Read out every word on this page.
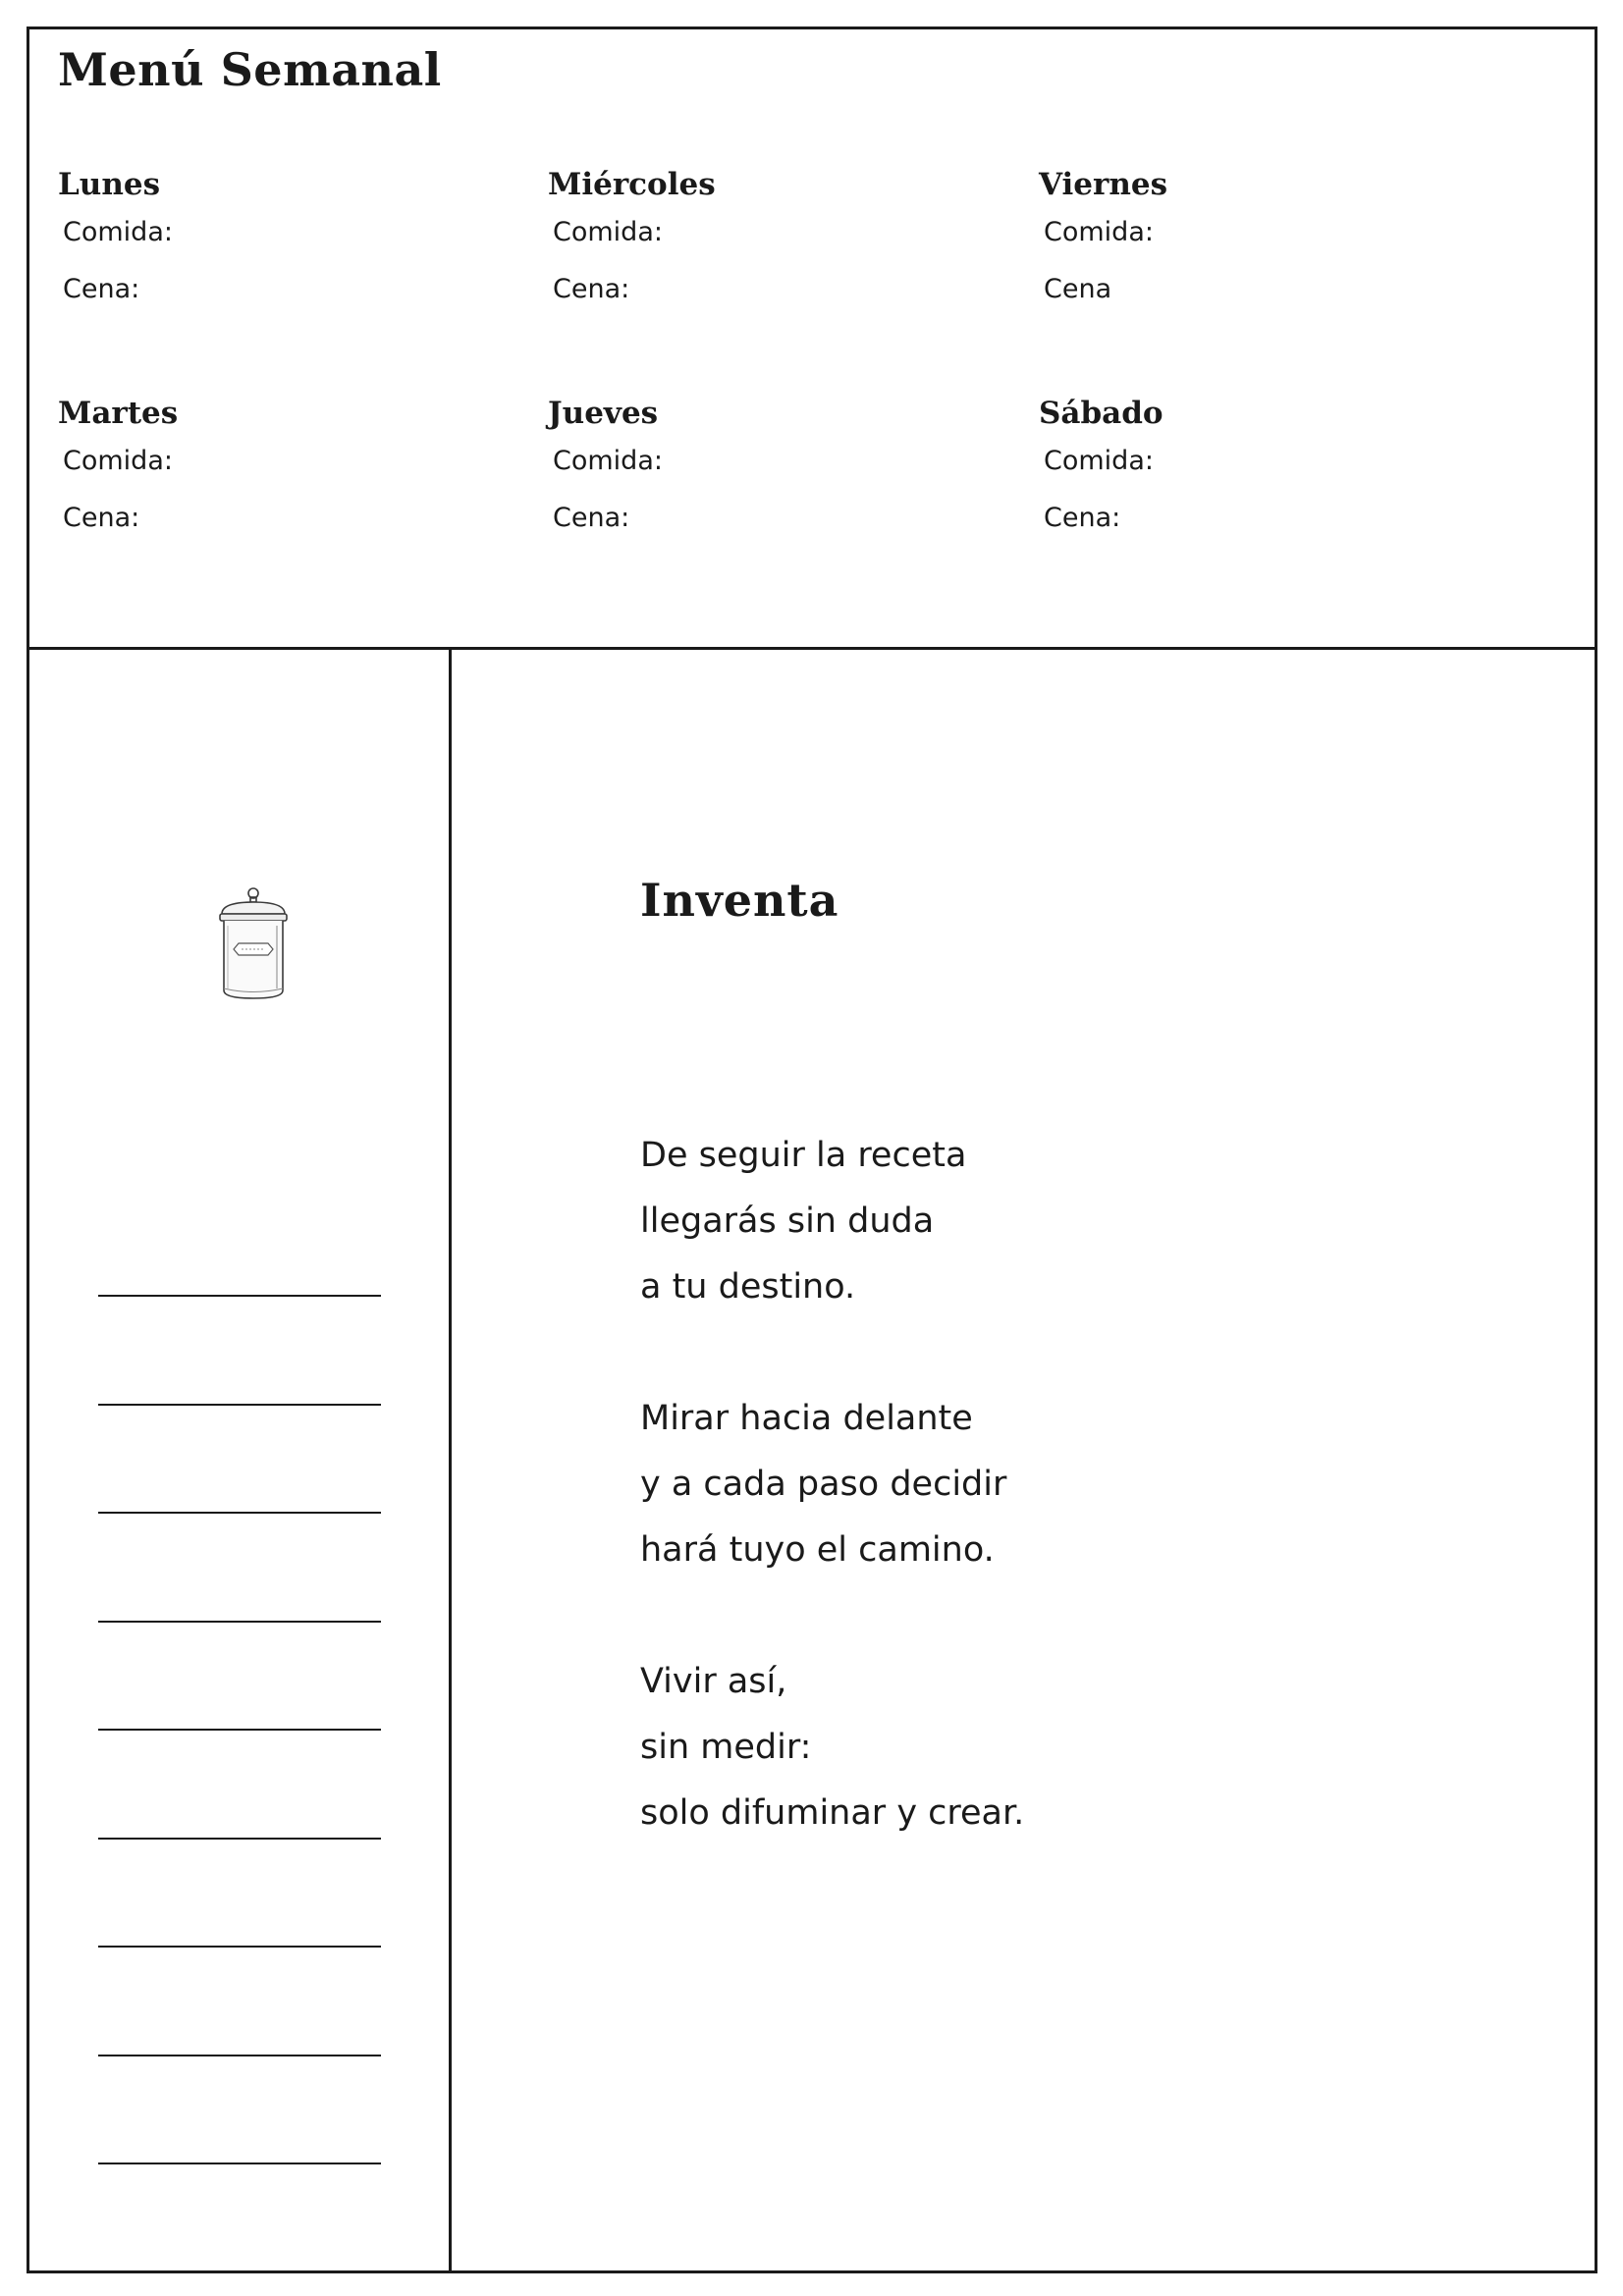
Menú Semanal
Lunes
Comida:
Cena:
Miércoles
Comida:
Cena:
Viernes
Comida:
Cena
Martes
Comida:
Cena:
Jueves
Comida:
Cena:
Sábado
Comida:
Cena:
Inventa
De seguir la receta
llegarás sin duda
a tu destino.
Mirar hacia delante
y a cada paso decidir
hará tuyo el camino.
Vivir así,
sin medir:
solo difuminar y crear.
